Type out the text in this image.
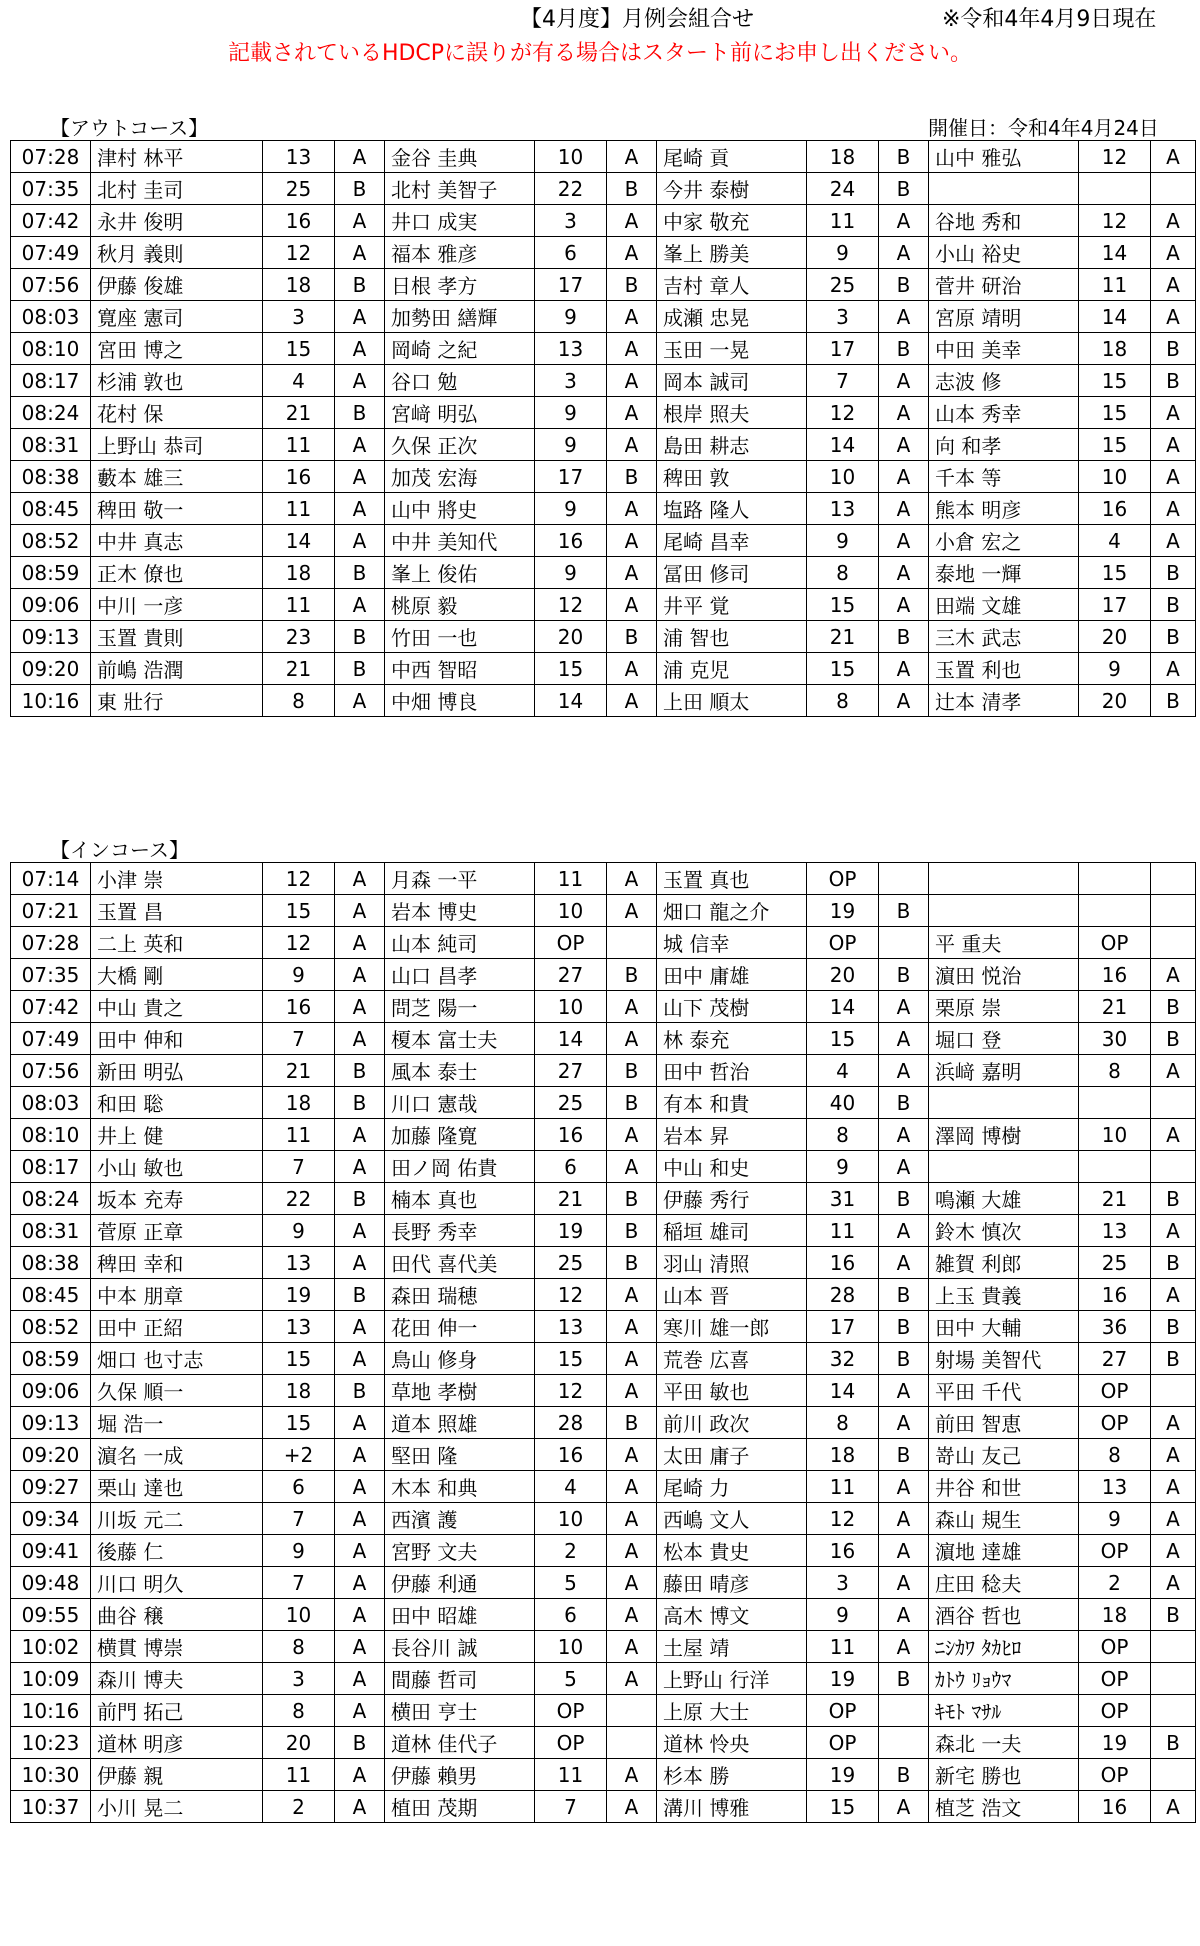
【4月度】月例会組合せ	※令和4年4月9日現在
記載されているHDCPに誤りが有る場合はスタート前にお申し出ください。
【アウトコース】	開催日：令和4年4月24日
07:28	津村 林平	13	A	金谷 圭典	10	A	尾崎 貢	18	B	山中 雅弘	12	A
07:35	北村 圭司	25	B	北村 美智子	22	B	今井 泰樹	24	B			
07:42	永井 俊明	16	A	井口 成実	3	A	中家 敬充	11	A	谷地 秀和	12	A
07:49	秋月 義則	12	A	福本 雅彦	6	A	峯上 勝美	9	A	小山 裕史	14	A
07:56	伊藤 俊雄	18	B	日根 孝方	17	B	吉村 章人	25	B	菅井 研治	11	A
08:03	寛座 憲司	3	A	加勢田 繕輝	9	A	成瀬 忠晃	3	A	宮原 靖明	14	A
08:10	宮田 博之	15	A	岡崎 之紀	13	A	玉田 一晃	17	B	中田 美幸	18	B
08:17	杉浦 敦也	4	A	谷口 勉	3	A	岡本 誠司	7	A	志波 修	15	B
08:24	花村 保	21	B	宮﨑 明弘	9	A	根岸 照夫	12	A	山本 秀幸	15	A
08:31	上野山 恭司	11	A	久保 正次	9	A	島田 耕志	14	A	向 和孝	15	A
08:38	藪本 雄三	16	A	加茂 宏海	17	B	稗田 敦	10	A	千本 等	10	A
08:45	稗田 敬一	11	A	山中 將史	9	A	塩路 隆人	13	A	熊本 明彦	16	A
08:52	中井 真志	14	A	中井 美知代	16	A	尾崎 昌幸	9	A	小倉 宏之	4	A
08:59	正木 僚也	18	B	峯上 俊佑	9	A	冨田 修司	8	A	泰地 一輝	15	B
09:06	中川 一彦	11	A	桃原 毅	12	A	井平 覚	15	A	田端 文雄	17	B
09:13	玉置 貴則	23	B	竹田 一也	20	B	浦 智也	21	B	三木 武志	20	B
09:20	前嶋 浩潤	21	B	中西 智昭	15	A	浦 克児	15	A	玉置 利也	9	A
10:16	東 壯行	8	A	中畑 博良	14	A	上田 順太	8	A	辻本 清孝	20	B
【インコース】
07:14	小津 崇	12	A	月森 一平	11	A	玉置 真也	OP				
07:21	玉置 昌	15	A	岩本 博史	10	A	畑口 龍之介	19	B			
07:28	二上 英和	12	A	山本 純司	OP		城 信幸	OP		平 重夫	OP	
07:35	大橋 剛	9	A	山口 昌孝	27	B	田中 庸雄	20	B	濵田 悦治	16	A
07:42	中山 貴之	16	A	問芝 陽一	10	A	山下 茂樹	14	A	栗原 崇	21	B
07:49	田中 伸和	7	A	榎本 富士夫	14	A	林 泰充	15	A	堀口 登	30	B
07:56	新田 明弘	21	B	風本 泰士	27	B	田中 哲治	4	A	浜﨑 嘉明	8	A
08:03	和田 聡	18	B	川口 憲哉	25	B	有本 和貴	40	B			
08:10	井上 健	11	A	加藤 隆寛	16	A	岩本 昇	8	A	澤岡 博樹	10	A
08:17	小山 敏也	7	A	田ノ岡 佑貴	6	A	中山 和史	9	A			
08:24	坂本 充寿	22	B	楠本 真也	21	B	伊藤 秀行	31	B	鳴瀬 大雄	21	B
08:31	菅原 正章	9	A	長野 秀幸	19	B	稲垣 雄司	11	A	鈴木 慎次	13	A
08:38	稗田 幸和	13	A	田代 喜代美	25	B	羽山 清照	16	A	雑賀 利郎	25	B
08:45	中本 朋章	19	B	森田 瑞穂	12	A	山本 晋	28	B	上玉 貴義	16	A
08:52	田中 正紹	13	A	花田 伸一	13	A	寒川 雄一郎	17	B	田中 大輔	36	B
08:59	畑口 也寸志	15	A	鳥山 修身	15	A	荒巻 広喜	32	B	射場 美智代	27	B
09:06	久保 順一	18	B	草地 孝樹	12	A	平田 敏也	14	A	平田 千代	OP	
09:13	堀 浩一	15	A	道本 照雄	28	B	前川 政次	8	A	前田 智恵	OP	A
09:20	濵名 一成	+2	A	堅田 隆	16	A	太田 庸子	18	B	嵜山 友己	8	A
09:27	栗山 達也	6	A	木本 和典	4	A	尾崎 力	11	A	井谷 和世	13	A
09:34	川坂 元二	7	A	西濱 護	10	A	西嶋 文人	12	A	森山 規生	9	A
09:41	後藤 仁	9	A	宮野 文夫	2	A	松本 貴史	16	A	濵地 達雄	OP	A
09:48	川口 明久	7	A	伊藤 利通	5	A	藤田 晴彦	3	A	庄田 稔夫	2	A
09:55	曲谷 穣	10	A	田中 昭雄	6	A	高木 博文	9	A	酒谷 哲也	18	B
10:02	横貫 博崇	8	A	長谷川 誠	10	A	土屋 靖	11	A	ﾆｼｶﾜ ﾀｶﾋﾛ	OP	
10:09	森川 博夫	3	A	間藤 哲司	5	A	上野山 行洋	19	B	ｶﾄｳ ﾘｮｳﾏ	OP	
10:16	前門 拓己	8	A	横田 亨士	OP		上原 大士	OP		ｷﾓﾄ ﾏｻﾙ	OP	
10:23	道林 明彦	20	B	道林 佳代子	OP		道林 怜央	OP		森北 一夫	19	B
10:30	伊藤 親	11	A	伊藤 賴男	11	A	杉本 勝	19	B	新宅 勝也	OP	
10:37	小川 晃二	2	A	植田 茂期	7	A	溝川 博雅	15	A	植芝 浩文	16	A
